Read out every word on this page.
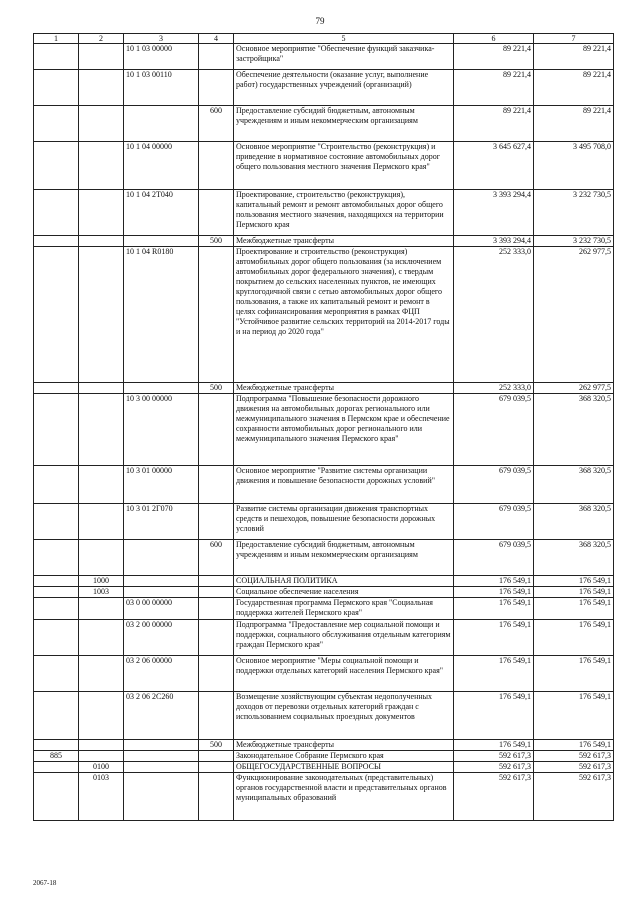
79
1	2	3	4	5	6	7
		10 1 03 00000		Основное мероприятие "Обеспечение функций заказчика-застройщика"	89 221,4	89 221,4
		10 1 03 00110		Обеспечение деятельности (оказание услуг, выполнение работ) государственных учреждений (организаций)	89 221,4	89 221,4
			600	Предоставление субсидий бюджетным, автономным учреждениям и иным некоммерческим организациям	89 221,4	89 221,4
		10 1 04 00000		Основное мероприятие "Строительство (реконструкция) и приведение в нормативное состояние автомобильных дорог общего пользования местного значения Пермского края"	3 645 627,4	3 495 708,0
		10 1 04 2Т040		Проектирование, строительство (реконструкция), капитальный ремонт и ремонт автомобильных дорог общего пользования местного значения, находящихся на территории Пермского края	3 393 294,4	3 232 730,5
			500	Межбюджетные трансферты	3 393 294,4	3 232 730,5
		10 1 04 R0180		Проектирование и строительство (реконструкция) автомобильных дорог общего пользования (за исключением автомобильных дорог федерального значения), с твердым покрытием до сельских населенных пунктов, не имеющих круглогодичной связи с сетью автомобильных дорог общего пользования, а также их капитальный ремонт и ремонт в целях софинансирования мероприятия в рамках ФЦП "Устойчивое развитие сельских территорий на 2014-2017 годы и на период до 2020 года"	252 333,0	262 977,5
			500	Межбюджетные трансферты	252 333,0	262 977,5
		10 3 00 00000		Подпрограмма "Повышение безопасности дорожного движения на автомобильных дорогах регионального или межмуниципального значения в Пермском крае и обеспечение сохранности автомобильных дорог регионального или межмуниципального значения Пермского края"	679 039,5	368 320,5
		10 3 01 00000		Основное мероприятие "Развитие системы организации движения и повышение безопасности дорожных условий"	679 039,5	368 320,5
		10 3 01 2Г070		Развитие системы организации движения транспортных средств и пешеходов, повышение безопасности дорожных условий	679 039,5	368 320,5
			600	Предоставление субсидий бюджетным, автономным учреждениям и иным некоммерческим организациям	679 039,5	368 320,5
	1000			СОЦИАЛЬНАЯ ПОЛИТИКА	176 549,1	176 549,1
	1003			Социальное обеспечение населения	176 549,1	176 549,1
		03 0 00 00000		Государственная программа Пермского края "Социальная поддержка жителей Пермского края"	176 549,1	176 549,1
		03 2 00 00000		Подпрограмма "Предоставление мер социальной помощи и поддержки, социального обслуживания отдельным категориям граждан Пермского края"	176 549,1	176 549,1
		03 2 06 00000		Основное мероприятие "Меры социальной помощи и поддержки отдельных категорий населения Пермского края"	176 549,1	176 549,1
		03 2 06 2С260		Возмещение хозяйствующим субъектам недополученных доходов от перевозки отдельных категорий граждан с использованием социальных проездных документов	176 549,1	176 549,1
			500	Межбюджетные трансферты	176 549,1	176 549,1
885				Законодательное Собрание Пермского края	592 617,3	592 617,3
	0100			ОБЩЕГОСУДАРСТВЕННЫЕ ВОПРОСЫ	592 617,3	592 617,3
	0103			Функционирование законодательных (представительных) органов государственной власти и представительных органов муниципальных образований	592 617,3	592 617,3
2067-18
